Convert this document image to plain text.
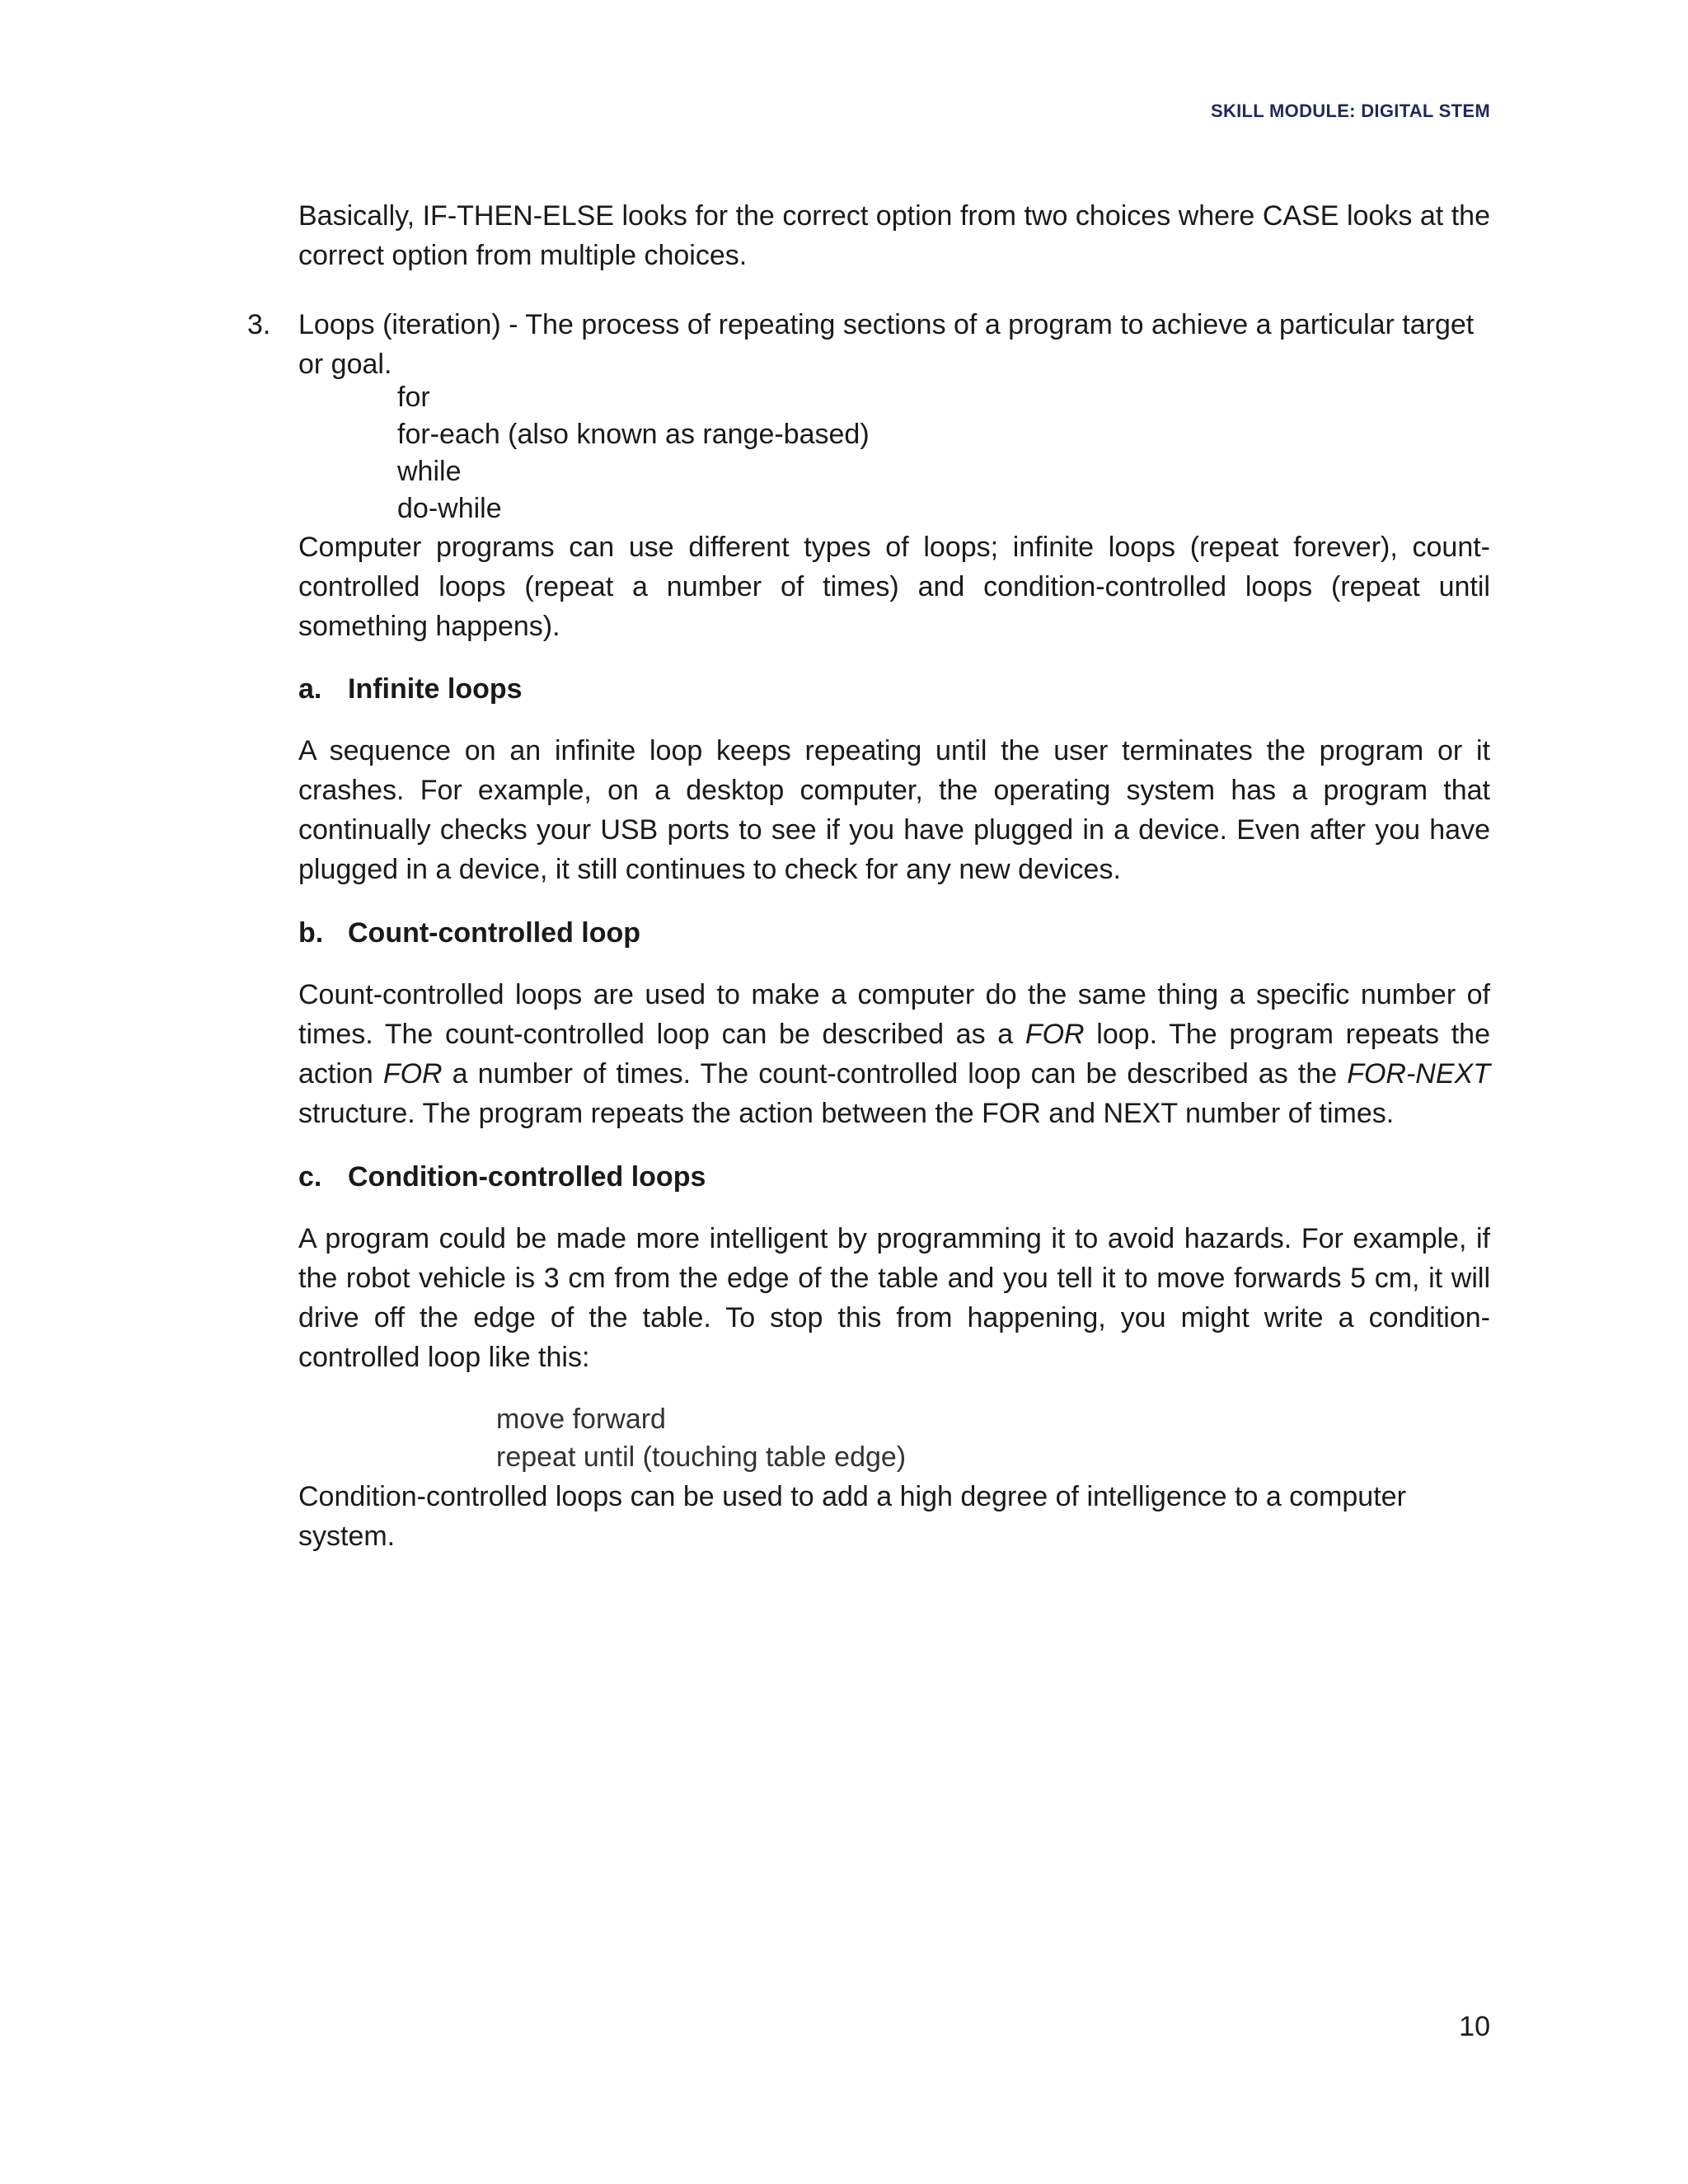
SKILL MODULE: DIGITAL STEM

Basically, IF-THEN-ELSE looks for the correct option from two choices where CASE looks at the correct option from multiple choices.

3. Loops (iteration) - The process of repeating sections of a program to achieve a particular target or goal.

for
for-each (also known as range-based)
while
do-while

Computer programs can use different types of loops; infinite loops (repeat forever), count-controlled loops (repeat a number of times) and condition-controlled loops (repeat until something happens).

a. Infinite loops

A sequence on an infinite loop keeps repeating until the user terminates the program or it crashes. For example, on a desktop computer, the operating system has a program that continually checks your USB ports to see if you have plugged in a device. Even after you have plugged in a device, it still continues to check for any new devices.

b. Count-controlled loop

Count-controlled loops are used to make a computer do the same thing a specific number of times. The count-controlled loop can be described as a FOR loop. The program repeats the action FOR a number of times. The count-controlled loop can be described as the FOR-NEXT structure. The program repeats the action between the FOR and NEXT number of times.

c. Condition-controlled loops

A program could be made more intelligent by programming it to avoid hazards. For example, if the robot vehicle is 3 cm from the edge of the table and you tell it to move forwards 5 cm, it will drive off the edge of the table. To stop this from happening, you might write a condition-controlled loop like this:

move forward
repeat until (touching table edge)

Condition-controlled loops can be used to add a high degree of intelligence to a computer system.

10
